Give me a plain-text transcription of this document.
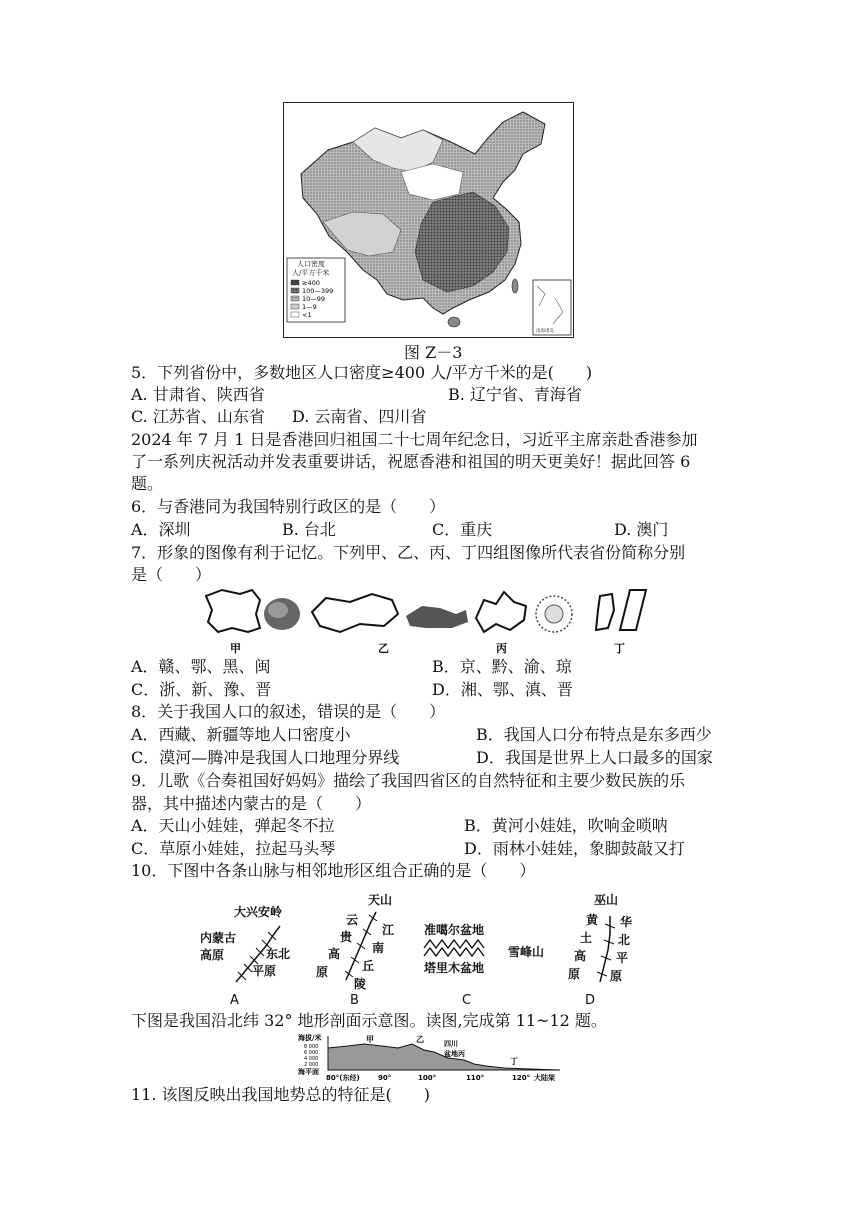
南海诸岛
人口密度
人/平方千米
≥400
100—399
10—99
1—9
<1
图 Z－3
5．下列省份中，多数地区人口密度≥400 人/平方千米的是(　　)
A. 甘肃省、陕西省	B. 辽宁省、青海省
C. 江苏省、山东省 D. 云南省、四川省
2024 年 7 月 1 日是香港回归祖国二十七周年纪念日，习近平主席亲赴香港参加
了一系列庆祝活动并发表重要讲话，祝愿香港和祖国的明天更美好！据此回答 6
题。
6．与香港同为我国特别行政区的是（　　）
A．深圳	B. 台北	C．重庆	D. 澳门
7．形象的图像有利于记忆。下列甲、乙、丙、丁四组图像所代表省份简称分别
是（　　）
甲	乙	丙	丁
A．赣、鄂、黑、闽	B．京、黔、渝、琼
C．浙、新、豫、晋	D．湘、鄂、滇、晋
8．关于我国人口的叙述，错误的是（　　）
A．西藏、新疆等地人口密度小	B．我国人口分布特点是东多西少
C．漠河—腾冲是我国人口地理分界线	D．我国是世界上人口最多的国家
9．儿歌《合奏祖国好妈妈》描绘了我国四省区的自然特征和主要少数民族的乐
器，其中描述内蒙古的是（　　）
A．天山小娃娃，弹起冬不拉	B．黄河小娃娃，吹响金唢呐
C．草原小娃娃，拉起马头琴	D．雨林小娃娃，象脚鼓敲又打
10．下图中各条山脉与相邻地形区组合正确的是（　　）
大兴安岭
内蒙古
高原	东北
平原
A
天山
云
贵
高
原
江
南
丘
陵
B
准噶尔盆地
塔里木盆地
雪峰山
C
巫山
黄
土
高
原
华
北
平
原
D
下图是我国沿北纬 32° 地形剖面示意图。读图,完成第 11~12 题。
海拔/米
8 000
6 000
4 000
2 000
海平面
80°(东经)	90°	100°	110°	120° 大陆架
甲	乙	四川
盆地丙
丁
11. 该图反映出我国地势总的特征是(　　)
